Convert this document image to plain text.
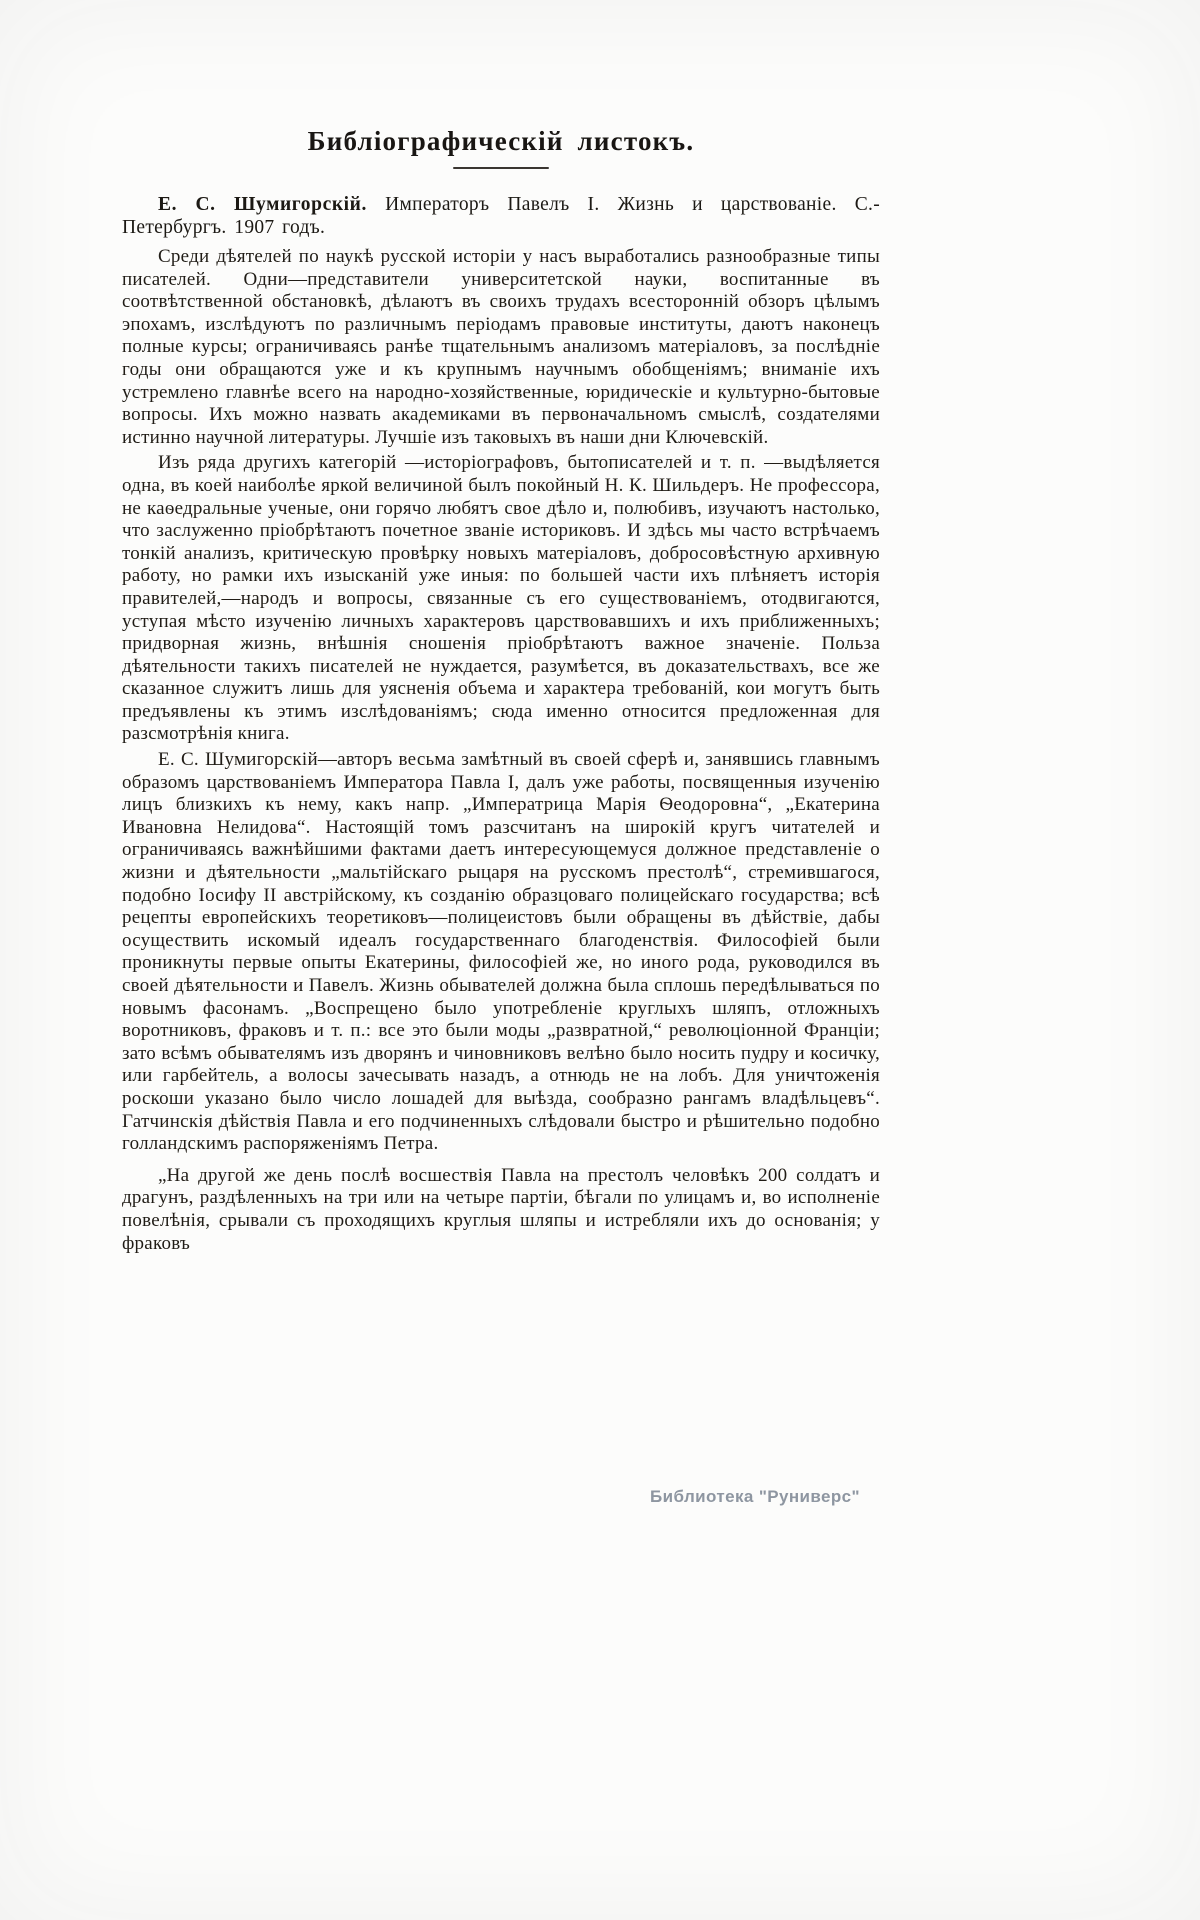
Библіографическій листокъ.

Е. С. Шумигорскій. Императоръ Павелъ I. Жизнь и царствованіе. С.-Петербургъ. 1907 годъ.

Среди дѣятелей по наукѣ русской исторіи у насъ выработались разнообразные типы писателей. Одни—представители университетской науки, воспитанные въ соотвѣтственной обстановкѣ, дѣлаютъ въ своихъ трудахъ всесторонній обзоръ цѣлымъ эпохамъ, изслѣдуютъ по различнымъ періодамъ правовые институты, даютъ наконецъ полные курсы; ограничиваясь ранѣе тщательнымъ анализомъ матеріаловъ, за послѣдніе годы они обращаются уже и къ крупнымъ научнымъ обобщеніямъ; вниманіе ихъ устремлено главнѣе всего на народно-хозяйственные, юридическіе и культурно-бытовые вопросы. Ихъ можно назвать академиками въ первоначальномъ смыслѣ, создателями истинно научной литературы. Лучшіе изъ таковыхъ въ наши дни Ключевскій.

Изъ ряда другихъ категорій —исторіографовъ, бытописателей и т. п. —выдѣляется одна, въ коей наиболѣе яркой величиной былъ покойный Н. К. Шильдеръ. Не профессора, не каѳедральные ученые, они горячо любятъ свое дѣло и, полюбивъ, изучаютъ настолько, что заслуженно пріобрѣтаютъ почетное званіе историковъ. И здѣсь мы часто встрѣчаемъ тонкій анализъ, критическую провѣрку новыхъ матеріаловъ, добросовѣстную архивную работу, но рамки ихъ изысканій уже иныя: по большей части ихъ плѣняетъ исторія правителей,—народъ и вопросы, связанные съ его существованіемъ, отодвигаются, уступая мѣсто изученію личныхъ характеровъ царствовавшихъ и ихъ приближенныхъ; придворная жизнь, внѣшнія сношенія пріобрѣтаютъ важное значеніе. Польза дѣятельности такихъ писателей не нуждается, разумѣется, въ доказательствахъ, все же сказанное служитъ лишь для уясненія объема и характера требованій, кои могутъ быть предъявлены къ этимъ изслѣдованіямъ; сюда именно относится предложенная для разсмотрѣнія книга.

Е. С. Шумигорскій—авторъ весьма замѣтный въ своей сферѣ и, занявшись главнымъ образомъ царствованіемъ Императора Павла I, далъ уже работы, посвященныя изученію лицъ близкихъ къ нему, какъ напр. „Императрица Марія Ѳеодоровна“, „Екатерина Ивановна Нелидова“. Настоящій томъ разсчитанъ на широкій кругъ читателей и ограничиваясь важнѣйшими фактами даетъ интересующемуся должное представленіе о жизни и дѣятельности „мальтійскаго рыцаря на русскомъ престолѣ“, стремившагося, подобно Іосифу II австрійскому, къ созданію образцоваго полицейскаго государства; всѣ рецепты европейскихъ теоретиковъ—полицеистовъ были обращены въ дѣйствіе, дабы осуществить искомый идеалъ государственнаго благоденствія. Философіей были проникнуты первые опыты Екатерины, философіей же, но иного рода, руководился въ своей дѣятельности и Павелъ. Жизнь обывателей должна была сплошь передѣлываться по новымъ фасонамъ. „Воспрещено было употребленіе круглыхъ шляпъ, отложныхъ воротниковъ, фраковъ и т. п.: все это были моды „развратной,“ революціонной Франціи; зато всѣмъ обывателямъ изъ дворянъ и чиновниковъ велѣно было носить пудру и косичку, или гарбейтель, а волосы зачесывать назадъ, а отнюдь не на лобъ. Для уничтоженія роскоши указано было число лошадей для выѣзда, сообразно рангамъ владѣльцевъ“. Гатчинскія дѣйствія Павла и его подчиненныхъ слѣдовали быстро и рѣшительно подобно голландскимъ распоряженіямъ Петра.

„На другой же день послѣ восшествія Павла на престолъ человѣкъ 200 солдатъ и драгунъ, раздѣленныхъ на три или на четыре партіи, бѣгали по улицамъ и, во исполненіе повелѣнія, срывали съ проходящихъ круглыя шляпы и истребляли ихъ до основанія; у фраковъ

Библиотека "Руниверс"
